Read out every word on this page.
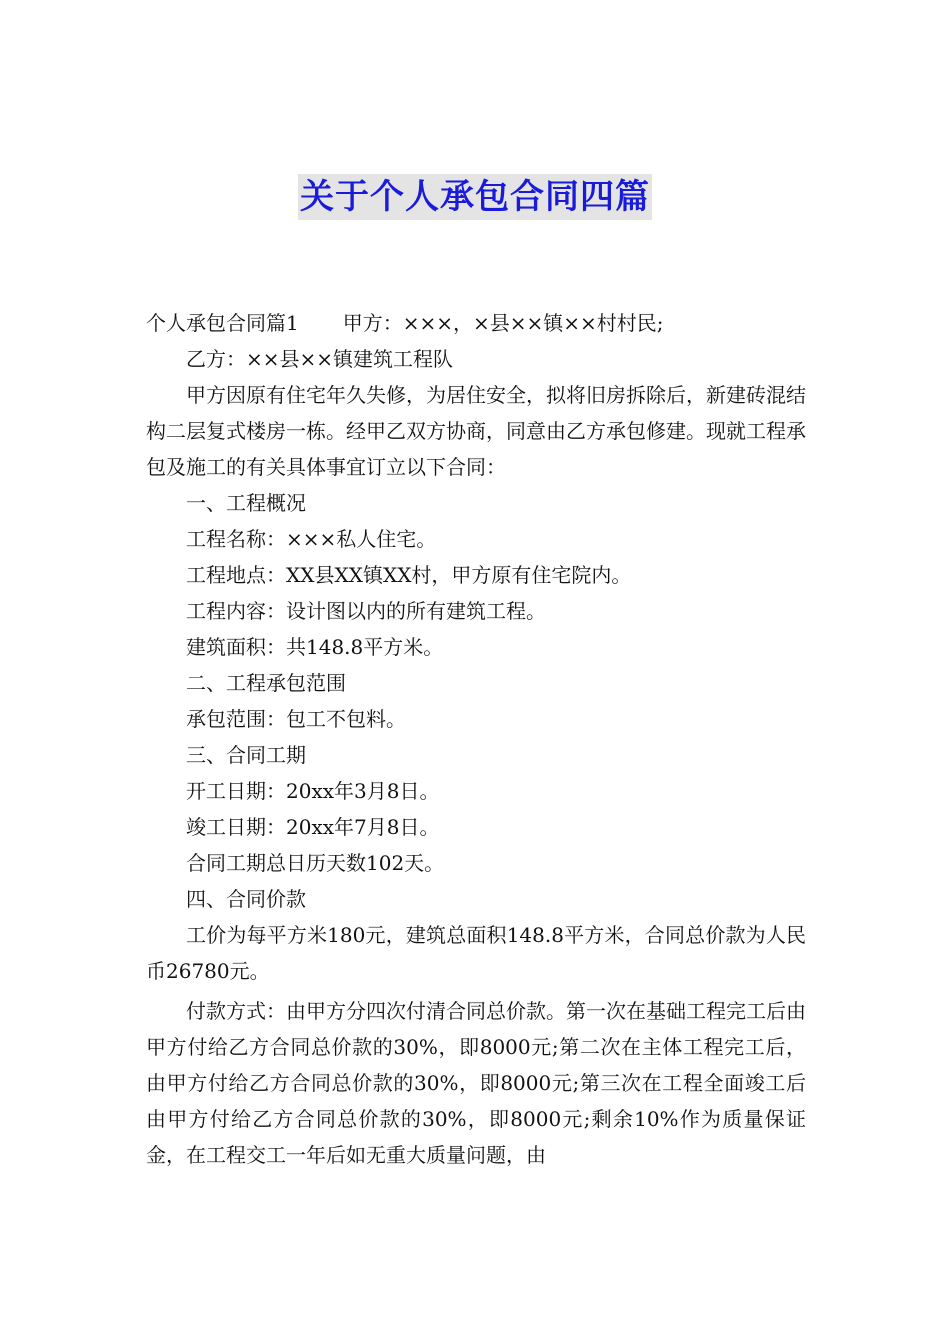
关于个人承包合同四篇

个人承包合同篇1 甲方：×××，×县××镇××村村民;

乙方：××县××镇建筑工程队

甲方因原有住宅年久失修，为居住安全，拟将旧房拆除后，新建砖混结构二层复式楼房一栋。经甲乙双方协商，同意由乙方承包修建。现就工程承包及施工的有关具体事宜订立以下合同：

一、工程概况

工程名称：×××私人住宅。

工程地点：XX县XX镇XX村，甲方原有住宅院内。

工程内容：设计图以内的所有建筑工程。

建筑面积：共148.8平方米。

二、工程承包范围

承包范围：包工不包料。

三、合同工期

开工日期：20xx年3月8日。

竣工日期：20xx年7月8日。

合同工期总日历天数102天。

四、合同价款

工价为每平方米180元，建筑总面积148.8平方米，合同总价款为人民币26780元。

付款方式：由甲方分四次付清合同总价款。第一次在基础工程完工后由甲方付给乙方合同总价款的30%，即8000元;第二次在主体工程完工后，由甲方付给乙方合同总价款的30%，即8000元;第三次在工程全面竣工后由甲方付给乙方合同总价款的30%，即8000元;剩余10%作为质量保证金，在工程交工一年后如无重大质量问题，由
